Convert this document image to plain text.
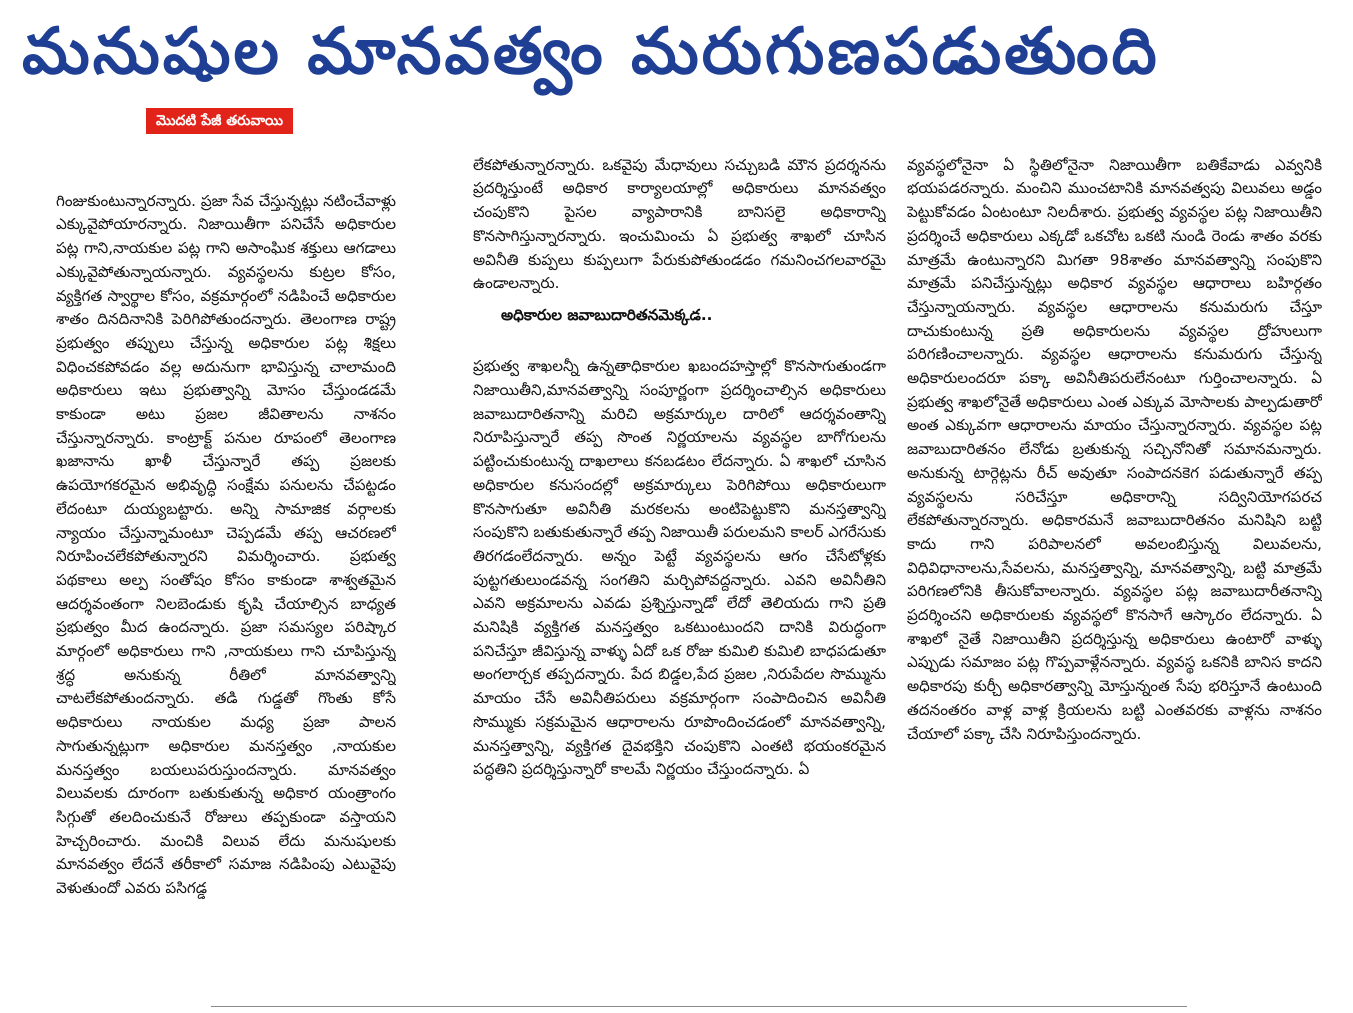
మనుషుల మానవత్వం మరుగుణపడుతుంది
మొదటి పేజీ తరువాయి

గింజుకుంటున్నారన్నారు. ప్రజా సేవ చేస్తున్నట్లు నటించేవాళ్లు ఎక్కువైపోయారన్నారు. నిజాయితీగా పనిచేసే అధికారుల పట్ల గాని,నాయకుల పట్ల గాని అసాంఘిక శక్తులు ఆగడాలు ఎక్కువైపోతున్నాయన్నారు. వ్యవస్థలను కుట్రల కోసం, వ్యక్తిగత స్వార్థాల కోసం, వక్రమార్గంలో నడిపించే అధికారుల శాతం దినదినానికి పెరిగిపోతుందన్నారు. తెలంగాణ రాష్ట్ర ప్రభుత్వం తప్పులు చేస్తున్న అధికారుల పట్ల శిక్షలు విధించకపోవడం వల్ల అదునుగా భావిస్తున్న చాలామంది అధికారులు ఇటు ప్రభుత్వాన్ని మోసం చేస్తుండడమే కాకుండా అటు ప్రజల జీవితాలను నాశనం చేస్తున్నారన్నారు. కాంట్రాక్ట్ పనుల రూపంలో తెలంగాణ ఖజానాను ఖాళీ చేస్తున్నారే తప్ప ప్రజలకు ఉపయోగకరమైన అభివృద్ధి సంక్షేమ పనులను చేపట్టడం లేదంటూ దుయ్యబట్టారు. అన్ని సామాజిక వర్గాలకు న్యాయం చేస్తున్నామంటూ చెప్పడమే తప్ప ఆచరణలో నిరూపించలేకపోతున్నారని విమర్శించారు. ప్రభుత్వ పథకాలు అల్ప సంతోషం కోసం కాకుండా శాశ్వతమైన ఆదర్శవంతంగా నిలబెండుకు కృషి చేయాల్సిన బాధ్యత ప్రభుత్వం మీద ఉందన్నారు. ప్రజా సమస్యల పరిష్కార మార్గంలో అధికారులు గాని ,నాయకులు గాని చూపిస్తున్న శ్రద్ధ అనుకున్న రీతిలో మానవత్వాన్ని చాటలేకపోతుందన్నారు. తడి గుడ్డతో గొంతు కోసే అధికారులు నాయకుల మధ్య ప్రజా పాలన సాగుతున్నట్లుగా అధికారుల మనస్తత్వం ,నాయకుల మనస్తత్వం బయలుపరుస్తుందన్నారు. మానవత్వం విలువలకు దూరంగా బతుకుతున్న అధికార యంత్రాంగం సిగ్గుతో తలదించుకునే రోజులు తప్పకుండా వస్తాయని హెచ్చరించారు. మంచికి విలువ లేదు మనుషులకు మానవత్వం లేదనే తరీకాలో సమాజ నడిపింపు ఎటువైపు వెళుతుందో ఎవరు పసిగడ్డ

లేకపోతున్నారన్నారు. ఒకవైపు మేధావులు సచ్చుబడి మౌన ప్రదర్శనను ప్రదర్శిస్తుంటే అధికార కార్యాలయాల్లో అధికారులు మానవత్వం చంపుకొని పైసల వ్యాపారానికి బానిసలై అధికారాన్ని కొనసాగిస్తున్నారన్నారు. ఇంచుమించు ఏ ప్రభుత్వ శాఖలో చూసిన అవినీతి కుప్పలు కుప్పలుగా పేరుకుపోతుండడం గమనించగలవారమై ఉండాలన్నారు.

అధికారుల జవాబుదారితనమెక్కడ..

ప్రభుత్వ శాఖలన్నీ ఉన్నతాధికారుల ఖబందహస్తాల్లో కొనసాగుతుండగా నిజాయితీని,మానవత్వాన్ని సంపూర్ణంగా ప్రదర్శించాల్సిన అధికారులు జవాబుదారితనాన్ని మరిచి అక్రమార్కుల దారిలో ఆదర్శవంతాన్ని నిరూపిస్తున్నారే తప్ప సొంత నిర్ణయాలను వ్యవస్థల బాగోగులను పట్టించుకుంటున్న దాఖలాలు కనబడటం లేదన్నారు. ఏ శాఖలో చూసిన అధికారుల కనుసందల్లో అక్రమార్కులు పెరిగిపోయి అధికారులుగా కొనసాగుతూ అవినీతి మరకలను అంటిపెట్టుకొని మనస్తత్వాన్ని సంపుకొని బతుకుతున్నారే తప్ప నిజాయితీ పరులమని కాలర్ ఎగరేసుకు తిరగడంలేదన్నారు. అన్నం పెట్టే వ్యవస్థలను ఆగం చేసేటోళ్లకు పుట్టగతులుండవన్న సంగతిని మర్చిపోవద్దన్నారు. ఎవని అవినీతిని ఎవని అక్రమాలను ఎవడు ప్రశ్నిస్తున్నాడో లేదో తెలియదు గాని ప్రతి మనిషికి వ్యక్తిగత మనస్తత్వం ఒకటుంటుందని దానికి విరుద్ధంగా పనిచేస్తూ జీవిస్తున్న వాళ్ళు ఏదో ఒక రోజు కుమిలి కుమిలి బాధపడుతూ అంగలార్చక తప్పదన్నారు. పేద బిడ్డల,పేద ప్రజల ,నిరుపేదల సొమ్మును మాయం చేసే అవినీతిపరులు వక్రమార్గంగా సంపాదించిన అవినీతి సొమ్ముకు సక్రమమైన ఆధారాలను రూపొందించడంలో మానవత్వాన్ని, మనస్తత్వాన్ని, వ్యక్తిగత దైవభక్తిని చంపుకొని ఎంతటి భయంకరమైన పద్ధతిని ప్రదర్శిస్తున్నారో కాలమే నిర్ణయం చేస్తుందన్నారు. ఏ

వ్యవస్థలోనైనా ఏ స్థితిలోనైనా నిజాయితీగా బతికేవాడు ఎవ్వనికి భయపడరన్నారు. మంచిని ముంచటానికి మానవత్వపు విలువలు అడ్డం పెట్టుకోవడం ఏంటంటూ నిలదీశారు. ప్రభుత్వ వ్యవస్థల పట్ల నిజాయితీని ప్రదర్శించే అధికారులు ఎక్కడో ఒకచోట ఒకటి నుండి రెండు శాతం వరకు మాత్రమే ఉంటున్నారని మిగతా 98శాతం మానవత్వాన్ని సంపుకొని మాత్రమే పనిచేస్తున్నట్లు అధికార వ్యవస్థల ఆధారాలు బహిర్గతం చేస్తున్నాయన్నారు. వ్యవస్థల ఆధారాలను కనుమరుగు చేస్తూ దాచుకుంటున్న ప్రతి అధికారులను వ్యవస్థల ద్రోహులుగా పరిగణించాలన్నారు. వ్యవస్థల ఆధారాలను కనుమరుగు చేస్తున్న అధికారులందరూ పక్కా అవినీతిపరులేనంటూ గుర్తించాలన్నారు. ఏ ప్రభుత్వ శాఖలోనైతే అధికారులు ఎంత ఎక్కువ మోసాలకు పాల్పడుతారో అంత ఎక్కువగా ఆధారాలను మాయం చేస్తున్నారన్నారు. వ్యవస్థల పట్ల జవాబుదారితనం లేనోడు బ్రతుకున్న సచ్చినోనితో సమానమన్నారు. అనుకున్న టార్గెట్లను రీచ్ అవుతూ సంపాదనకెగ పడుతున్నారే తప్ప వ్యవస్థలను సరిచేస్తూ అధికారాన్ని సద్వినియోగపరచ లేకపోతున్నారన్నారు. అధికారమనే జవాబుదారితనం మనిషిని బట్టి కాదు గాని పరిపాలనలో అవలంబిస్తున్న విలువలను, విధివిధానాలను,సేవలను, మనస్తత్వాన్ని, మానవత్వాన్ని, బట్టి మాత్రమే పరిగణలోనికి తీసుకోవాలన్నారు. వ్యవస్థల పట్ల జవాబుదారీతనాన్ని ప్రదర్శించని అధికారులకు వ్యవస్థలో కొనసాగే ఆస్కారం లేదన్నారు. ఏ శాఖలో నైతే నిజాయితీని ప్రదర్శిస్తున్న అధికారులు ఉంటారో వాళ్ళు ఎప్పుడు సమాజం పట్ల గొప్పవాళ్లేనన్నారు. వ్యవస్థ ఒకనికి బానిస కాదని అధికారపు కుర్చీ అధికారత్వాన్ని మోస్తున్నంత సేపు భరిస్తూనే ఉంటుంది తదనంతరం వాళ్ల వాళ్ల క్రియలను బట్టి ఎంతవరకు వాళ్లను నాశనం చేయాలో పక్కా చేసి నిరూపిస్తుందన్నారు.
